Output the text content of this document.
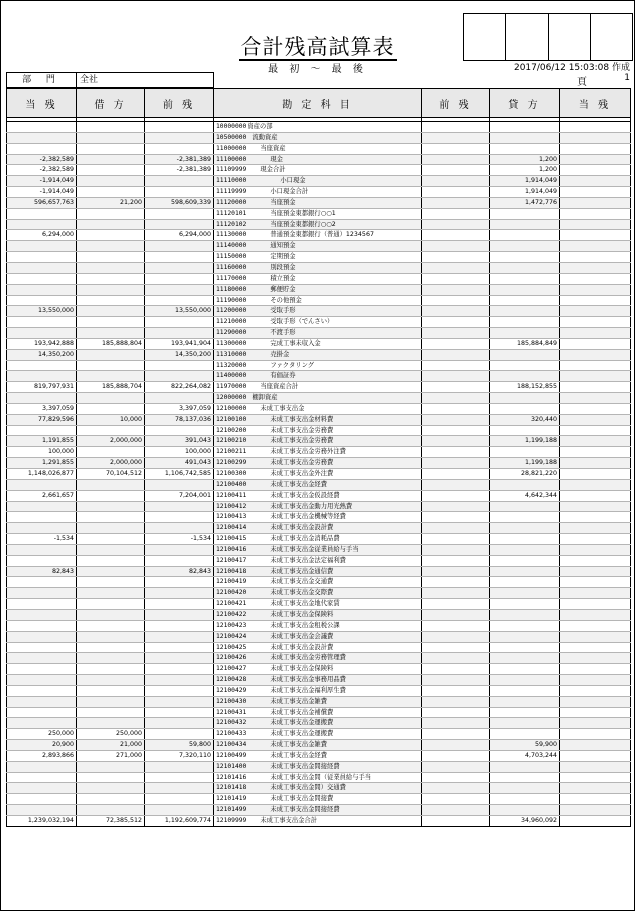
合計残高試算表
最 初 ～ 最 後	2017/06/12 15:03:08 作成
頁	1
部 門	全社
当 残	借 方	前 残	勘 定 科 目	前 残	貸 方	当 残

			10000000資産の部			
			10500000 流動資産			
			11000000 当座資産			
-2,382,589		-2,381,389	11100000 現金		1,200	
-2,382,589		-2,381,389	11109999 現金合計		1,200	
-1,914,049			11110000 小口現金		1,914,049	
-1,914,049			11119999 小口現金合計		1,914,049	
596,657,763	21,200	598,609,339	11120000 当座預金		1,472,776	
			11120101 当座預金東都銀行○○1			
			11120102 当座預金東都銀行○○2			
6,294,000		6,294,000	11130000 普通預金東都銀行（普通）1234567			
			11140000 通知預金			
			11150000 定期預金			
			11160000 別段預金			
			11170000 積立預金			
			11180000 郵便貯金			
			11190000 その他預金			
13,550,000		13,550,000	11200000 受取手形			
			11210000 受取手形（でんさい）			
			11290000 不渡手形			
193,942,888	185,888,804	193,941,904	11300000 完成工事未収入金		185,884,849	
14,350,200		14,350,200	11310000 売掛金			
			11320000 ファクタリング			
			11400000 有価証券			
819,797,931	185,888,704	822,264,082	11970000 当座資産合計		188,152,855	
			12000000 棚卸資産			
3,397,059		3,397,059	12100000 未成工事支出金			
77,829,596	10,000	78,137,036	12100100 未成工事支出金材料費		320,440	
			12100200 未成工事支出金労務費			
1,191,855	2,000,000	391,043	12100210 未成工事支出金労務費		1,199,188	
100,000		100,000	12100211 未成工事支出金労務外注費			
1,291,855	2,000,000	491,043	12100299 未成工事支出金労務費		1,199,188	
1,148,026,877	70,104,512	1,106,742,585	12100300 未成工事支出金外注費		28,821,220	
			12100400 未成工事支出金経費			
2,661,657		7,204,001	12100411 未成工事支出金仮設経費		4,642,344	
			12100412 未成工事支出金動力用光熱費			
			12100413 未成工事支出金機械等経費			
			12100414 未成工事支出金設計費			
-1,534		-1,534	12100415 未成工事支出金消耗品費			
			12100416 未成工事支出金従業員給与手当			
			12100417 未成工事支出金法定福利費			
82,843		82,843	12100418 未成工事支出金通信費			
			12100419 未成工事支出金交通費			
			12100420 未成工事支出金交際費			
			12100421 未成工事支出金地代家賃			
			12100422 未成工事支出金保険料			
			12100423 未成工事支出金租税公課			
			12100424 未成工事支出金会議費			
			12100425 未成工事支出金設計費			
			12100426 未成工事支出金労務管理費			
			12100427 未成工事支出金保険料			
			12100428 未成工事支出金事務用品費			
			12100429 未成工事支出金福利厚生費			
			12100430 未成工事支出金雑費			
			12100431 未成工事支出金補償費			
			12100432 未成工事支出金運搬費			
250,000	250,000		12100433 未成工事支出金運搬費			
20,900	21,000	59,800	12100434 未成工事支出金雑費		59,900	
2,893,866	271,000	7,320,110	12100499 未成工事支出金経費		4,703,244	
			12101400 未成工事支出金間接経費			
			12101416 未成工事支出金間（従業員給与手当			
			12101418 未成工事支出金間）交通費			
			12101419 未成工事支出金間接費			
			12101499 未成工事支出金間接経費			
1,239,032,194	72,385,512	1,192,609,774	12109999 未成工事支出金合計		34,960,092	
